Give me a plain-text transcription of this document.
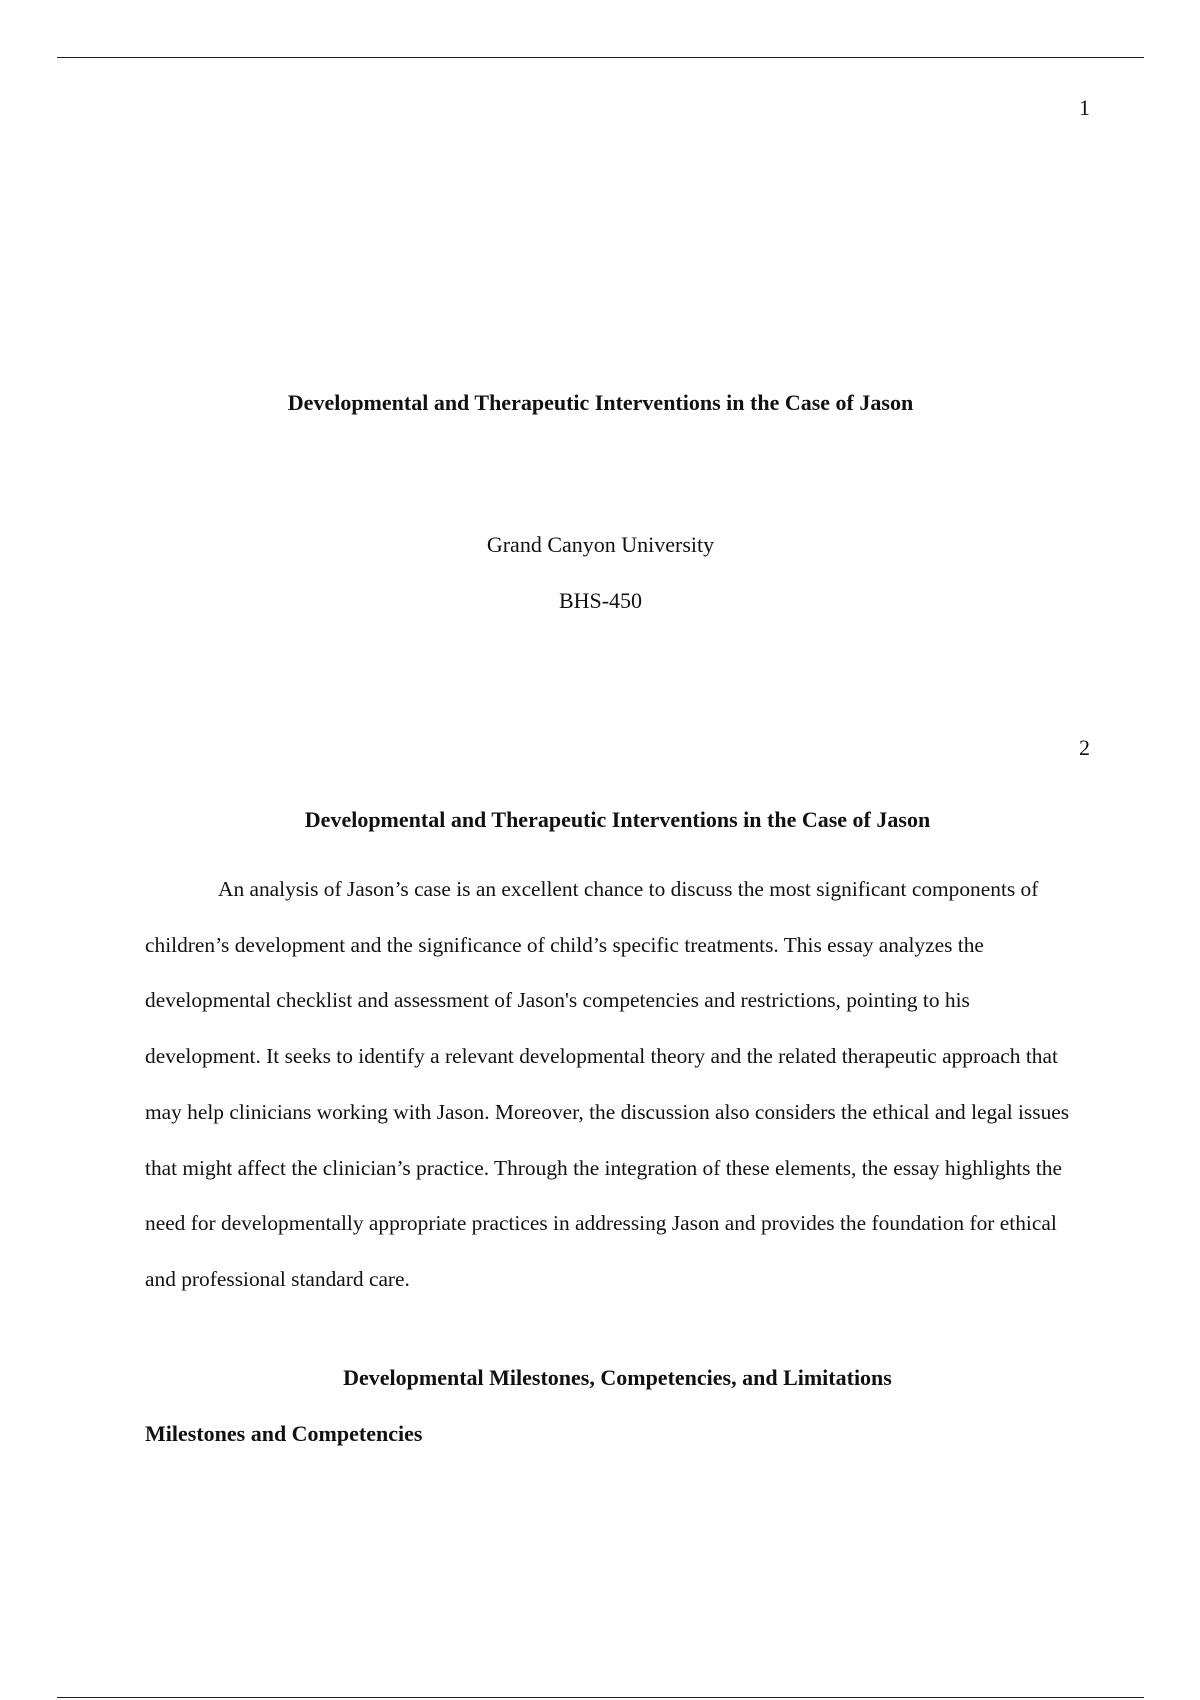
1
Developmental and Therapeutic Interventions in the Case of Jason
Grand Canyon University
BHS-450
2
Developmental and Therapeutic Interventions in the Case of Jason

An analysis of Jason’s case is an excellent chance to discuss the most significant components of children’s development and the significance of child’s specific treatments. This essay analyzes the developmental checklist and assessment of Jason's competencies and restrictions, pointing to his development. It seeks to identify a relevant developmental theory and the related therapeutic approach that may help clinicians working with Jason. Moreover, the discussion also considers the ethical and legal issues that might affect the clinician’s practice. Through the integration of these elements, the essay highlights the need for developmentally appropriate practices in addressing Jason and provides the foundation for ethical and professional standard care.

Developmental Milestones, Competencies, and Limitations
Milestones and Competencies
